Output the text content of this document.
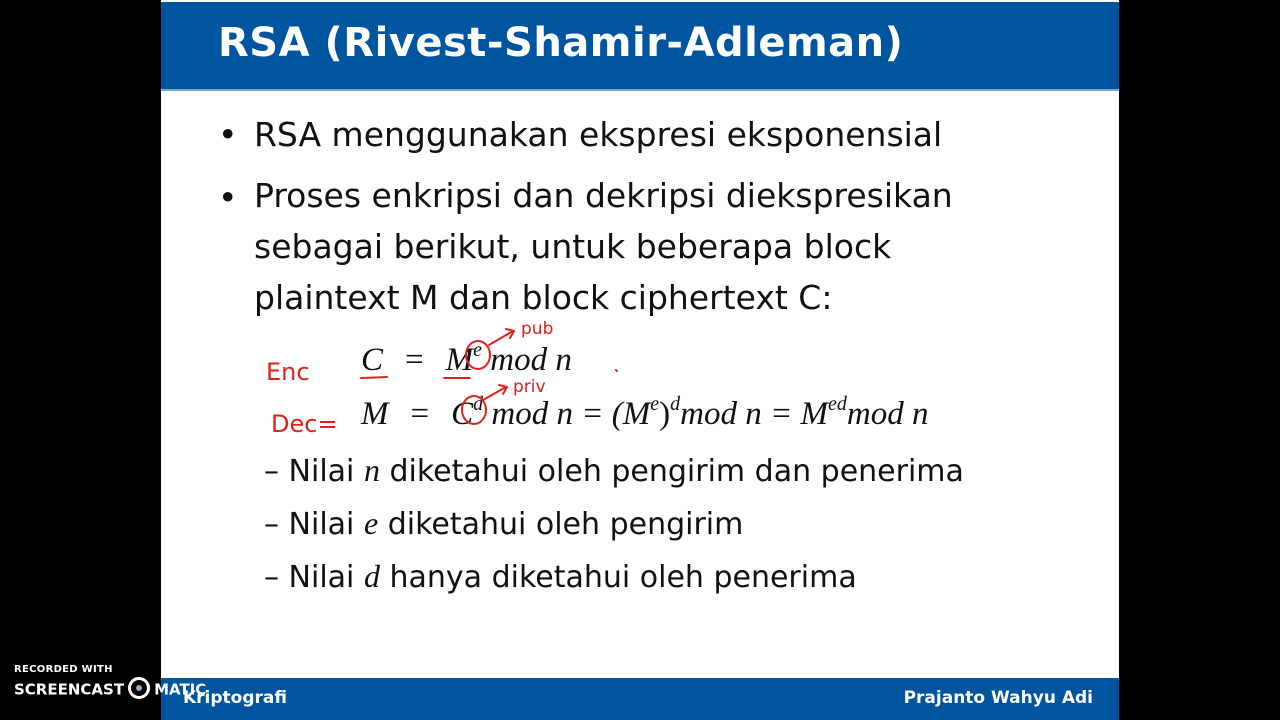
RSA (Rivest-Shamir-Adleman)
• RSA menggunakan ekspresi eksponensial
• Proses enkripsi dan dekripsi diekspresikan sebagai berikut, untuk beberapa block plaintext M dan block ciphertext C:
$C = M^e$ mod n
$M = C^d$ mod $n = (M^e)^dmod$ $n = M^{ed}mod$ n
– Nilai n diketahui oleh pengirim dan penerima
– Nilai e diketahui oleh pengirim
– Nilai d hanya diketahui oleh penerima
Enc
Dec=
pub
priv
Kriptografi	Prajanto Wahyu Adi
RECORDED WITH
SCREENCAST MATIC
